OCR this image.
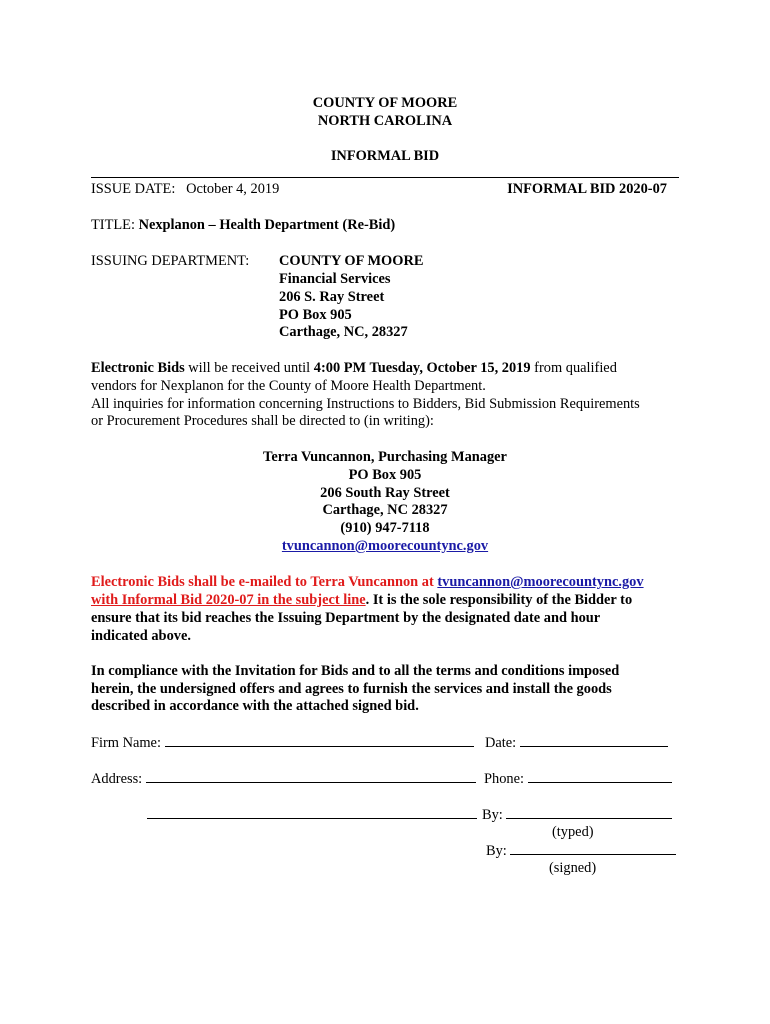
COUNTY OF MOORE
NORTH CAROLINA
INFORMAL BID
ISSUE DATE: October 4, 2019	INFORMAL BID 2020-07
TITLE: Nexplanon – Health Department (Re-Bid)
ISSUING DEPARTMENT: COUNTY OF MOORE
Financial Services
206 S. Ray Street
PO Box 905
Carthage, NC, 28327
Electronic Bids will be received until 4:00 PM Tuesday, October 15, 2019 from qualified
vendors for Nexplanon for the County of Moore Health Department.
All inquiries for information concerning Instructions to Bidders, Bid Submission Requirements
or Procurement Procedures shall be directed to (in writing):
Terra Vuncannon, Purchasing Manager
PO Box 905
206 South Ray Street
Carthage, NC 28327
(910) 947-7118
tvuncannon@moorecountync.gov
Electronic Bids shall be e-mailed to Terra Vuncannon at tvuncannon@moorecountync.gov
with Informal Bid 2020-07 in the subject line. It is the sole responsibility of the Bidder to
ensure that its bid reaches the Issuing Department by the designated date and hour
indicated above.
In compliance with the Invitation for Bids and to all the terms and conditions imposed
herein, the undersigned offers and agrees to furnish the services and install the goods
described in accordance with the attached signed bid.
Firm Name:	Date:
Address:	Phone:
By:
(typed)
By:
(signed)
